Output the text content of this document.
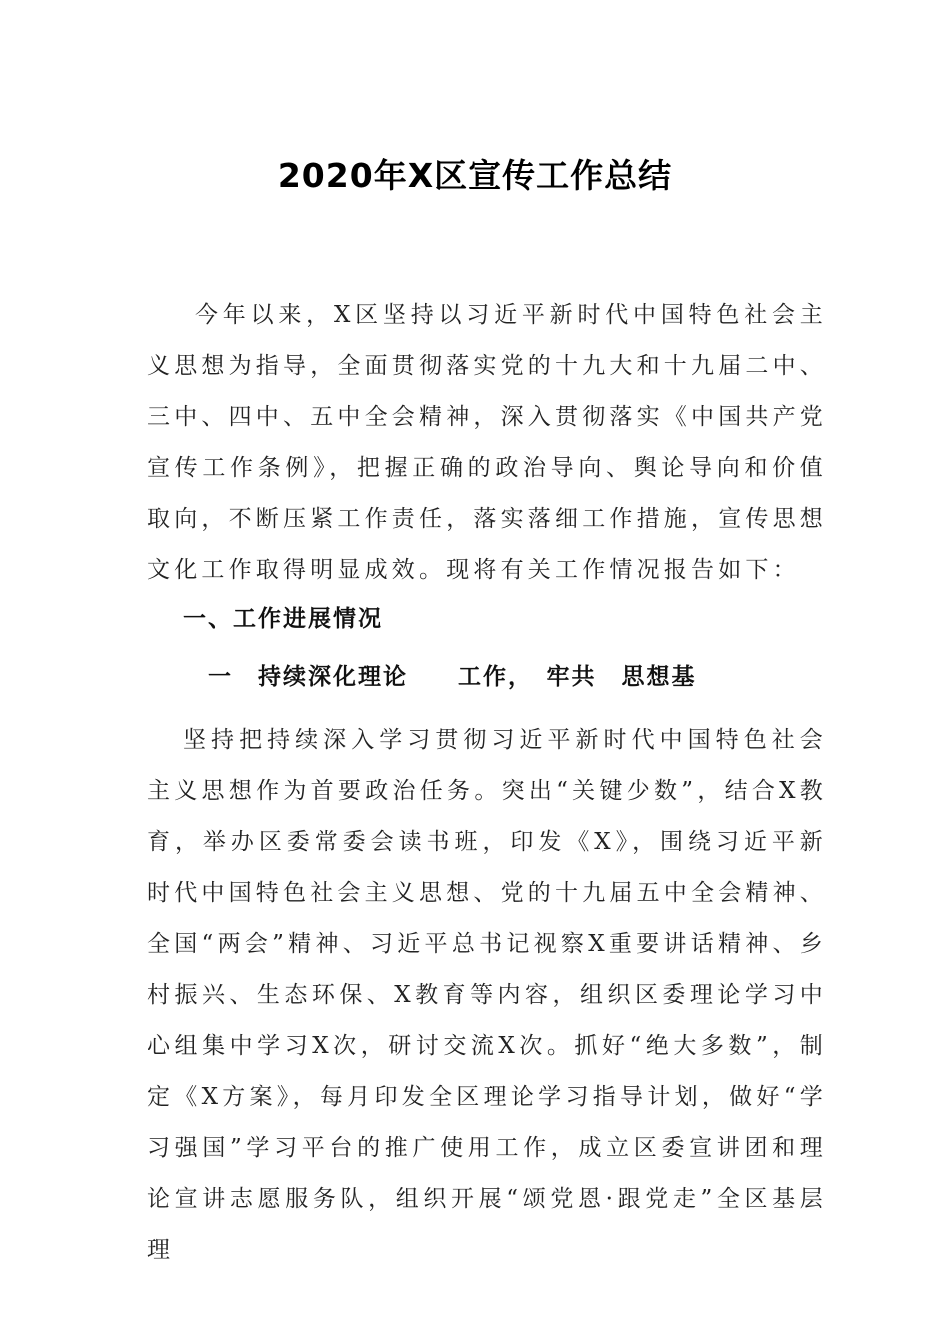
2020年X区宣传工作总结

今年以来，X区坚持以习近平新时代中国特色社会主义思想为指导，全面贯彻落实党的十九大和十九届二中、三中、四中、五中全会精神，深入贯彻落实《中国共产党宣传工作条例》，把握正确的政治导向、舆论导向和价值取向，不断压紧工作责任，落实落细工作措施，宣传思想文化工作取得明显成效。现将有关工作情况报告如下：

一、工作进展情况
一　持续深化理论　　工作，　牢共　思想基

坚持把持续深入学习贯彻习近平新时代中国特色社会主义思想作为首要政治任务。突出“关键少数”，结合X教育，举办区委常委会读书班，印发《X》，围绕习近平新时代中国特色社会主义思想、党的十九届五中全会精神、全国“两会”精神、习近平总书记视察X重要讲话精神、乡村振兴、生态环保、X教育等内容，组织区委理论学习中心组集中学习X次，研讨交流X次。抓好“绝大多数”，制定《X方案》，每月印发全区理论学习指导计划，做好“学习强国”学习平台的推广使用工作，成立区委宣讲团和理论宣讲志愿服务队，组织开展“颂党恩·跟党走”全区基层理
